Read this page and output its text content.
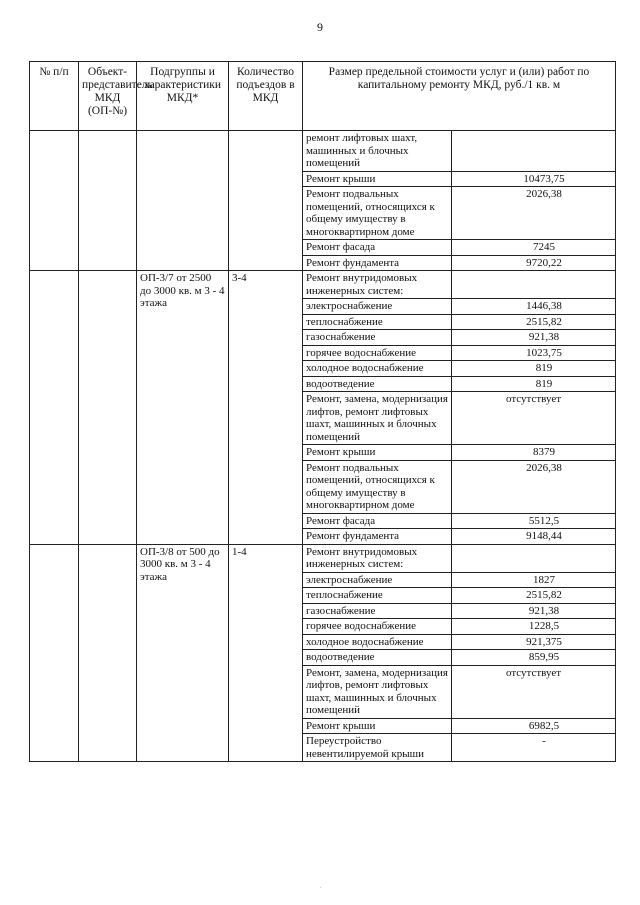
9
№ п/п	Объект-представитель МКД (ОП-№)	Подгруппы и характеристики МКД*	Количество подъездов в МКД	Размер предельной стоимости услуг и (или) работ по капитальному ремонту МКД, руб./1 кв. м	
				ремонт лифтовых шахт, машинных и блочных помещений	
				Ремонт крыши	10473,75
				Ремонт подвальных помещений, относящихся к общему имуществу в многоквартирном доме	2026,38
				Ремонт фасада	7245
				Ремонт фундамента	9720,22
		ОП-3/7 от 2500 до 3000 кв. м 3 - 4 этажа	3-4	Ремонт внутридомовых инженерных систем:	
				электроснабжение	1446,38
				теплоснабжение	2515,82
				газоснабжение	921,38
				горячее водоснабжение	1023,75
				холодное водоснабжение	819
				водоотведение	819
				Ремонт, замена, модернизация лифтов, ремонт лифтовых шахт, машинных и блочных помещений	отсутствует
				Ремонт крыши	8379
				Ремонт подвальных помещений, относящихся к общему имуществу в многоквартирном доме	2026,38
				Ремонт фасада	5512,5
				Ремонт фундамента	9148,44
		ОП-3/8 от 500 до 3000 кв. м 3 - 4 этажа	1-4	Ремонт внутридомовых инженерных систем:	
				электроснабжение	1827
				теплоснабжение	2515,82
				газоснабжение	921,38
				горячее водоснабжение	1228,5
				холодное водоснабжение	921,375
				водоотведение	859,95
				Ремонт, замена, модернизация лифтов, ремонт лифтовых шахт, машинных и блочных помещений	отсутствует
				Ремонт крыши	6982,5
				Переустройство невентилируемой крыши	-
.
